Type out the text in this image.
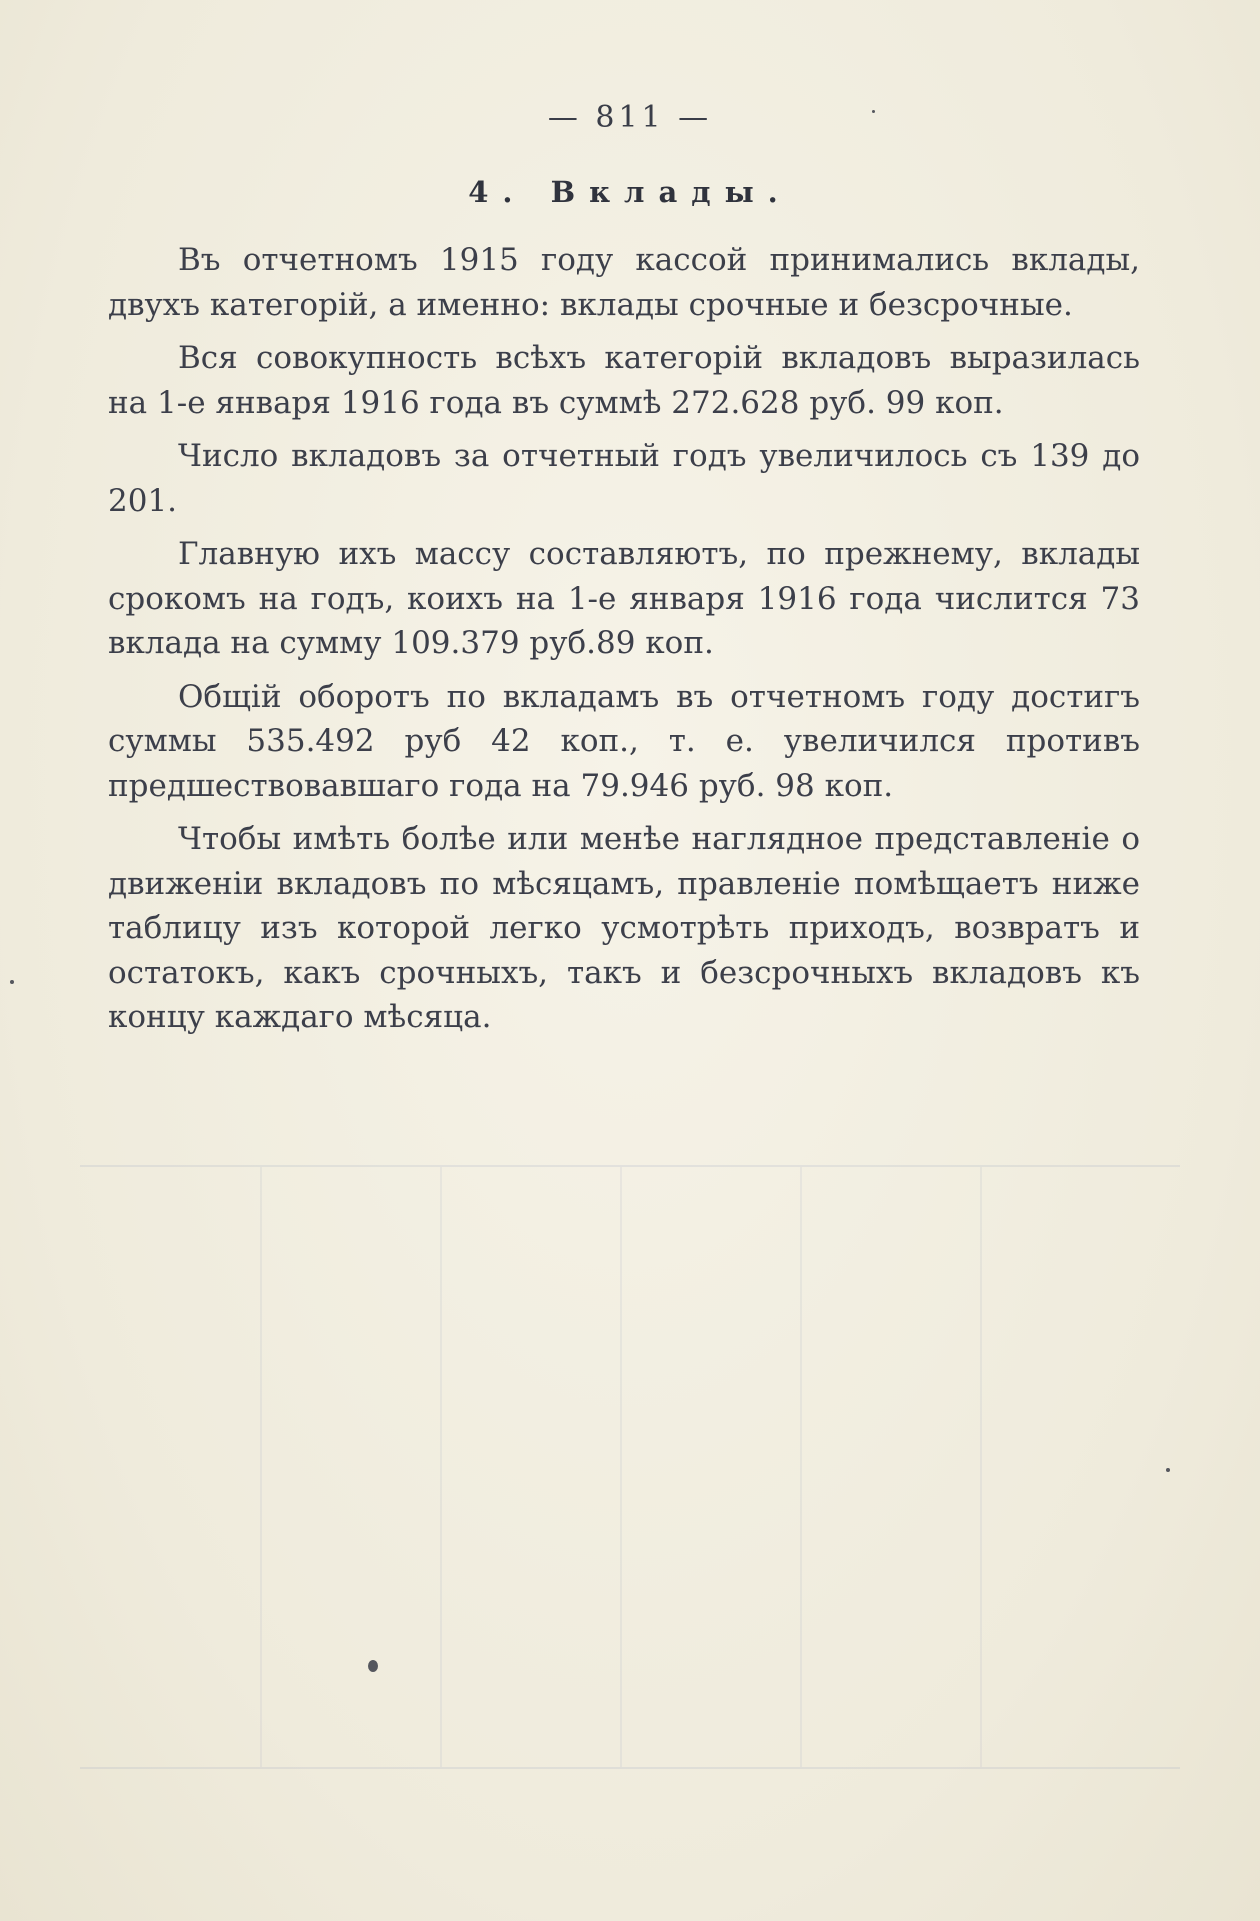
— 811 —
4. Вклады.

Въ отчетномъ 1915 году кассой принимались вклады, двухъ категорій, а именно: вклады срочные и безсрочные.

Вся совокупность всѣхъ категорій вкладовъ выразилась на 1-е января 1916 года въ суммѣ 272.628 руб. 99 коп.

Число вкладовъ за отчетный годъ увеличилось съ 139 до 201.

Главную ихъ массу составляютъ, по прежнему, вклады срокомъ на годъ, коихъ на 1-е января 1916 года числится 73 вклада на сумму 109.379 руб.89 коп.

Общій оборотъ по вкладамъ въ отчетномъ году достигъ суммы 535.492 руб 42 коп., т. е. увеличился противъ предшествовавшаго года на 79.946 руб. 98 коп.

Чтобы имѣть болѣе или менѣе наглядное представленіе о движеніи вкладовъ по мѣсяцамъ, правленіе помѣщаетъ ниже таблицу изъ которой легко усмотрѣть приходъ, возвратъ и остатокъ, какъ срочныхъ, такъ и безсрочныхъ вкладовъ къ концу каждаго мѣсяца.
